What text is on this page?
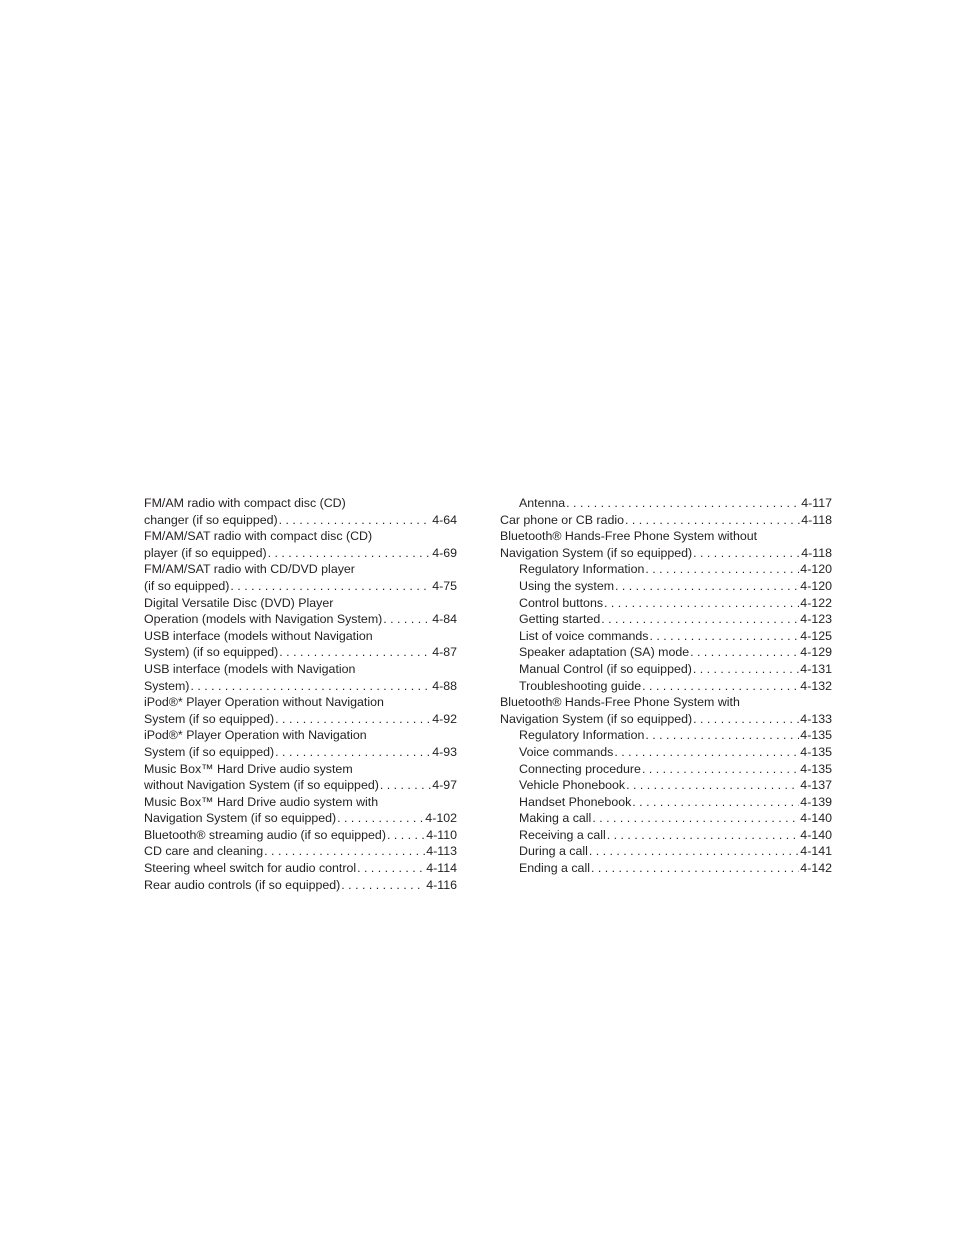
FM/AM radio with compact disc (CD)
changer (if so equipped) . . .	4-64
FM/AM/SAT radio with compact disc (CD)
player (if so equipped) . . .	4-69
FM/AM/SAT radio with CD/DVD player
(if so equipped) . . .	4-75
Digital Versatile Disc (DVD) Player
Operation (models with Navigation System) . . .	4-84
USB interface (models without Navigation
System) (if so equipped) . . .	4-87
USB interface (models with Navigation
System) . . .	4-88
iPod®* Player Operation without Navigation
System (if so equipped) . . .	4-92
iPod®* Player Operation with Navigation
System (if so equipped) . . .	4-93
Music Box™ Hard Drive audio system
without Navigation System (if so equipped) . . .	4-97
Music Box™ Hard Drive audio system with
Navigation System (if so equipped) . . .	4-102
Bluetooth® streaming audio (if so equipped) . . .	4-110
CD care and cleaning . . .	4-113
Steering wheel switch for audio control . . .	4-114
Rear audio controls (if so equipped) . . .	4-116
Antenna . . .	4-117
Car phone or CB radio . . .	4-118
Bluetooth® Hands-Free Phone System without
Navigation System (if so equipped) . . .	4-118
Regulatory Information . . .	4-120
Using the system . . .	4-120
Control buttons . . .	4-122
Getting started . . .	4-123
List of voice commands . . .	4-125
Speaker adaptation (SA) mode . . .	4-129
Manual Control (if so equipped) . . .	4-131
Troubleshooting guide . . .	4-132
Bluetooth® Hands-Free Phone System with
Navigation System (if so equipped) . . .	4-133
Regulatory Information . . .	4-135
Voice commands . . .	4-135
Connecting procedure . . .	4-135
Vehicle Phonebook . . .	4-137
Handset Phonebook . . .	4-139
Making a call . . .	4-140
Receiving a call . . .	4-140
During a call . . .	4-141
Ending a call . . .	4-142
